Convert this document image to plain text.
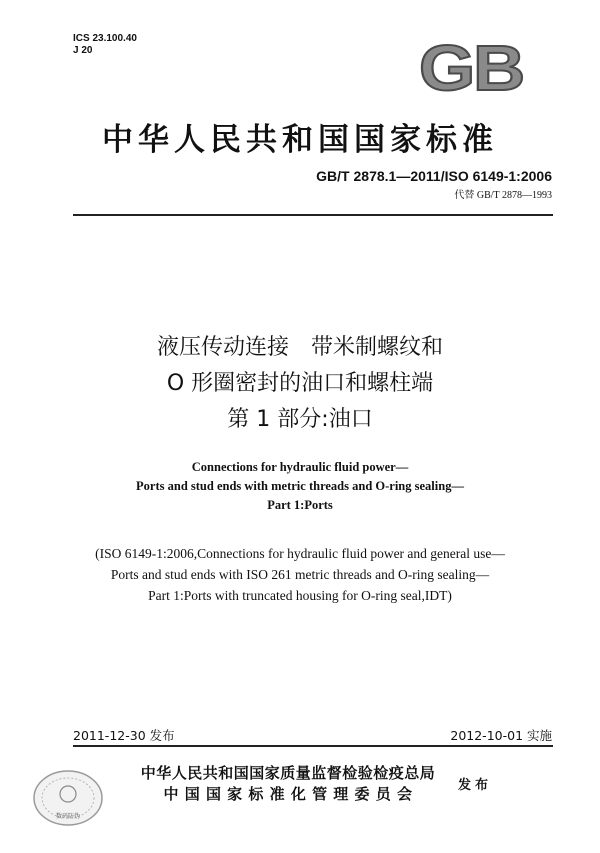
ICS 23.100.40
J 20	GB
中华人民共和国国家标准
GB/T 2878.1—2011/ISO 6149-1:2006
代替 GB/T 2878—1993
液压传动连接　带米制螺纹和
O 形圈密封的油口和螺柱端
第 1 部分:油口
Connections for hydraulic fluid power—
Ports and stud ends with metric threads and O-ring sealing—
Part 1:Ports
(ISO 6149-1:2006,Connections for hydraulic fluid power and general use—
Ports and stud ends with ISO 261 metric threads and O-ring sealing—
Part 1:Ports with truncated housing for O-ring seal,IDT)
2011-12-30 发布	2012-10-01 实施
中华人民共和国国家质量监督检验检疫总局
中 国 国 家 标 准 化 管 理 委 员 会	发布
数码防伪
